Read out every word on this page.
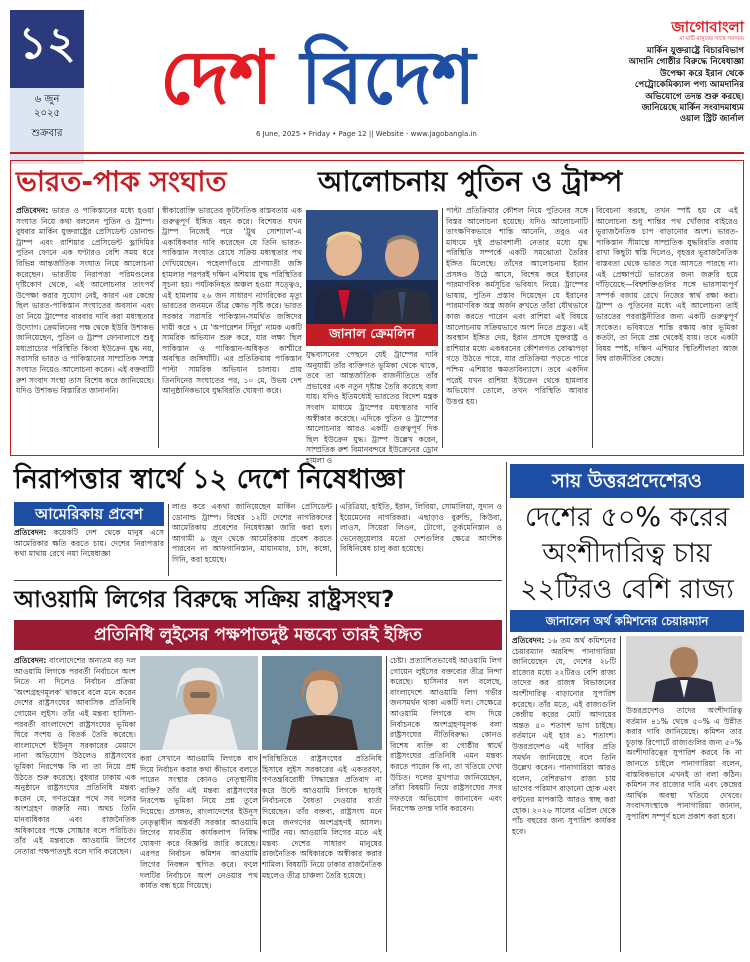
১২
৬ জুন
২০২৫
শুক্রবার
দেশ বিদেশ
6 June, 2025 • Friday • Page 12 || Website - www.jagobangla.in
জাগোবাংলা
মা মাটি মানুষের সাথে সবসময়
মার্কিন যুক্তরাষ্ট্রে বিচারবিভাগ
আদানি গোষ্ঠীর বিরুদ্ধে নিষেধাজ্ঞা
উপেক্ষা করে ইরান থেকে
পেট্রোকেমিক্যাল পণ্য আমদানির
অভিযোগে তদন্ত শুরু করছে।
জানিয়েছে মার্কিন সংবাদমাধ্যম
ওয়াল স্ট্রিট জার্নাল
ভারত-পাক সংঘাত	আলোচনায় পুতিন ও ট্রাম্প
প্রতিবেদন: ভারত ও পাকিস্তানের মধ্যে হওয়া সংঘাত নিয়ে কথা বললেন পুতিন ও ট্রাম্প। বুধবার মার্কিন যুক্তরাষ্ট্রের প্রেসিডেন্ট ডোনাল্ড ট্রাম্প এবং রাশিয়ার প্রেসিডেন্ট ভ্লাদিমির পুতিন ফোনে এক ঘণ্টারও বেশি সময় ধরে বিভিন্ন আন্তর্জাতিক সংঘাত নিয়ে আলোচনা করেছেন। ভারতীয় নিরাপত্তা পরিমণ্ডলের দৃষ্টিকোণ থেকে, এই আলোচনার তাৎপর্য উপেক্ষা করার সুযোগ নেই, কারণ এর কেন্দ্রে ছিল ভারত-পাকিস্তান সংঘাতের অবসান এবং তা নিয়ে ট্রাম্পের বারবার দাবি করা মধ্যস্থতার উদ্যোগ। ক্রেমলিনের পক্ষ থেকে ইউরি উশাকভ জানিয়েছেন, পুতিন ও ট্রাম্প ফোনালাপে শুধু মধ্যপ্রাচ্যের পরিস্থিতি কিংবা ইউক্রেন যুদ্ধ নয়, সরাসরি ভারত ও পাকিস্তানের সাম্প্রতিক সশস্ত্র সংঘাত নিয়েও আলোচনা করেন। এই বক্তব্যটি রুশ সংবাদ সংস্থা তাস বিশেষ করে জানিয়েছে। যদিও উশাকভ বিস্তারিত জানাননি।
স্বীকারোক্তি ভারতের কূটনৈতিক বাস্তবতায় এক গুরুত্বপূর্ণ ইঙ্গিত বহন করে। বিশেষত যখন ট্রাম্প নিজেই পরে 'ট্রুথ সোশ্যাল'-এ একাধিকবার দাবি করেছেন যে তিনি ভারত-পাকিস্তান সংঘাত রোধে সক্রিয় মধ্যস্থতার পথ দেখিয়েছেন। পহেলগাঁওয়ে প্রাণঘাতী জঙ্গি হামলার পরপরই দক্ষিণ এশিয়ায় যুদ্ধ পরিস্থিতির সূচনা হয়। পর্যটকনিহত অঞ্চল হওয়া সত্ত্বেও, এই হামলায় ২৬ জন সাধারণ নাগরিকের মৃত্যু ভারতের জনমনে তীব্র ক্ষোভ সৃষ্টি করে। ভারত সরকার সরাসরি পাকিস্তান-সমর্থিত জঙ্গিদের দায়ী করে ৭ মে 'অপারেশন সিঁদুর' নামক একটি সামরিক অভিযান শুরু করে, যার লক্ষ্য ছিল পাকিস্তান ও পাকিস্তান-অধিকৃত কাশ্মীরে অবস্থিত জঙ্গিঘাঁটি। এর প্রতিক্রিয়ায় পাকিস্তান পাল্টা সামরিক অভিযান চালায়। প্রায় তিনদিনের সংঘাতের পর, ১০ মে, উভয় দেশ আনুষ্ঠানিকভাবে যুদ্ধবিরতি ঘোষণা করে।
জানাল ক্রেমলিন
যুদ্ধবাসনের পেছনে যেই ট্রাম্পের দাবি অনুযায়ী তাঁর ব্যক্তিগত ভূমিকা থেকে থাকে, তবে তা আন্তর্জাতিক রাজনীতিতে তাঁর প্রভাবের এক নতুন দৃষ্টান্ত তৈরি করেছে বলা যায়। যদিও ইতিমধ্যেই ভারতের বিদেশ মন্ত্রক সংবাদ মাধ্যমে ট্রাম্পের মধ্যস্থতার দাবি অস্বীকার করেছে। এদিকে পুতিন ও ট্রাম্পের আলোচনার আরও একটি গুরুত্বপূর্ণ দিক ছিল ইউক্রেন যুদ্ধ। ট্রাম্প উল্লেখ করেন, সাম্প্রতিক রুশ বিমানবন্দরে ইউক্রেনের ড্রোন হামলা ও
পাল্টা প্রতিক্রিয়ার কৌশল নিয়ে পুতিনের সঙ্গে বিস্তর আলোচনা হয়েছে। যদিও আলোচনাটি তাৎক্ষণিকভাবে শান্তি আনেনি, তবুও এর মাধ্যমে দুই প্রভাবশালী নেতার মধ্যে যুদ্ধ পরিস্থিতি সম্পর্কে একটি সমঝোতা তৈরির ইঙ্গিত মিলেছে। তাঁদের আলোচনায় ইরান প্রসঙ্গও উঠে আসে, বিশেষ করে ইরানের পারমাণবিক কর্মসূচির ভবিষ্যৎ নিয়ে। ট্রাম্পের ভাষায়, পুতিন প্রস্তাব দিয়েছেন যে ইরানের পারমাণবিক অস্ত্র অর্জন রুখতে তাঁরা যৌথভাবে কাজ করতে পারেন এবং রাশিয়া এই বিষয়ে আলোচনায় সক্রিয়ভাবে অংশ নিতে প্রস্তুত। এই অবস্থান ইঙ্গিত দেয়, ইরান প্রসঙ্গে যুক্তরাষ্ট্র ও রাশিয়ার মধ্যে একধরনের কৌশলগত বোঝাপড়া গড়ে উঠতে পারে, যার প্রতিক্রিয়া পড়তে পারে পশ্চিম এশিয়ার ক্ষমতাবিন্যাসে। তবে একদিন পরেই যখন রাশিয়া ইউক্রেন থেকে হামলার অভিযোগ তোলে, তখন পরিস্থিতি আবার উত্তপ্ত হয়।
বিবেচনা করছে, তখন স্পষ্ট হয় যে এই আলোচনা শুধু শান্তির পথ খোঁজার বাইরেও ভূরাজনৈতিক চাপ বাড়ানোর অংশ। ভারত-পাকিস্তান সীমান্তে সাম্প্রতিক যুদ্ধবিরতি বজায় রাখা কিছুটা স্বস্তি দিলেও, বৃহত্তর ভূরাজনৈতিক বাস্তবতা থেকে ভারত সরে আসতে পারছে না। এই প্রেক্ষাপটে ভারতের জন্য জরুরি হয়ে দাঁড়িয়েছে—বিশ্বশক্তিগুলির সঙ্গে ভারসাম্যপূর্ণ সম্পর্ক বজায় রেখে নিজের স্বার্থ রক্ষা করা। ট্রাম্প ও পুতিনের মধ্যে এই আলোচনা তাই ভারতের পররাষ্ট্রনীতির জন্য একটি গুরুত্বপূর্ণ সংকেত। ভবিষ্যতে শান্তি রক্ষায় কার ভূমিকা কতটা, তা নিয়ে প্রশ্ন থেকেই যায়। তবে একটা বিষয় স্পষ্ট, দক্ষিণ এশিয়ার স্থিতিশীলতা আজ বিশ্ব রাজনীতির কেন্দ্রে।
নিরাপত্তার স্বার্থে ১২ দেশে নিষেধাজ্ঞা
আমেরিকায় প্রবেশ
প্রতিবেদন: কয়েকটি দেশ থেকে মানুষ এসে আমেরিকার ক্ষতি করতে চায়। দেশের নিরাপত্তার কথা মাথায় রেখে নয়া নিষেধাজ্ঞা
লাগু করে একথা জানিয়েছেন মার্কিন প্রেসিডেন্ট ডোনাল্ড ট্রাম্প। বিশ্বের ১২টি দেশের নাগরিকদের আমেরিকায় প্রবেশের নিষেধাজ্ঞা জারি করা হল। আগামী ৯ জুন থেকে আমেরিকায় প্রবেশ করতে পারবেন না আফগানিস্তান, মায়ানমার, চাদ, কঙ্গো, গিনি, করা হয়েছে।
এরিত্রিয়া, হাইতি, ইরান, লিবিয়া, সোমালিয়া, সুদান ও ইয়েমেনের নাগরিকরা। এছাড়াও বুরুন্ডি, কিউবা, লাওস, সিয়েরা লিওন, টোগো, তুর্কমেনিস্তান ও ভেনেজুয়েলার মতো দেশগুলির ক্ষেত্রে আংশিক বিধিনিষেধ চালু করা হয়েছে।
সায় উত্তরপ্রদেশেরও
দেশের ৫০% করের
অংশীদারিত্ব চায়
২২টিরও বেশি রাজ্য
জানালেন অর্থ কমিশনের চেয়ারম্যান
প্রতিবেদন: ১৬ তম অর্থ কমিশনের চেয়ারম্যান অরবিন্দ পানাগারিয়া জানিয়েছেন যে, দেশের ২৮টি রাজ্যের মধ্যে ২২টিরও বেশি রাজ্য তাদের কর রাজস্ব বিভাজনের অংশীদারিত্ব বাড়ানোর সুপারিশ করেছে। তাঁর মতে, এই রাজ্যগুলি কেন্দ্রীয় করের মোট আদায়ের অন্তত ৫০ শতাংশ ভাগ চাইছে। বর্তমানে এই হার ৪১ শতাংশ। উত্তরপ্রদেশও এই দাবির প্রতি সমর্থন জানিয়েছে বলে তিনি উল্লেখ করেন। পানাগারিয়া আরও বলেন, বেশিরভাগ রাজ্য চায় ভাগের পরিমাণ বাড়ানো হোক এবং বণ্টনের মাপকাঠি আরও স্বচ্ছ করা হোক। ২০২৬ সালের এপ্রিল থেকে পাঁচ বছরের জন্য সুপারিশ কার্যকর হবে।
উত্তরপ্রদেশও তাদের অংশীদারিত্ব বর্তমান ৪১% থেকে ৫০% এ উন্নীত করার দাবি জানিয়েছে। কমিশন তার চূড়ান্ত রিপোর্টে রাজ্যগুলির জন্য ৫০% অংশীদারিত্বের সুপারিশ করবে কি না জানতে চাইলে পানাগারিয়া বলেন, বাস্তবিকভাবে এখনই তা বলা কঠিন। কমিশন সব রাজ্যের দাবি এবং কেন্দ্রের আর্থিক অবস্থা খতিয়ে দেখবে। সংবাদসংস্থাকে পানাগারিয়া জানান, সুপারিশ সম্পূর্ণ হলে প্রকাশ করা হবে।
আওয়ামি লিগের বিরুদ্ধে সক্রিয় রাষ্ট্রসংঘ?
প্রতিনিধি লুইসের পক্ষপাতদুষ্ট মন্তব্যে তারই ইঙ্গিত
প্রতিবেদন: বাংলাদেশের অন্যতম বড় দল আওয়ামি লিগকে পরবর্তী নির্বাচনে অংশ নিতে না দিলেও নির্বাচন প্রক্রিয়া 'অংশগ্রহণমূলক' থাকবে বলে মনে করেন দেশের রাষ্ট্রসংঘের আবাসিক প্রতিনিধি গোয়েন লুইস। তাঁর এই মন্তব্য হাসিনা-পরবর্তী বাংলাদেশে রাষ্ট্রসংঘের ভূমিকা ঘিরে সংশয় ও বিতর্ক তৈরি করেছে। বাংলাদেশে ইউনূস সরকারের মেয়াদে নানা অভিযোগ উঠলেও রাষ্ট্রসংঘের ভূমিকা নিরপেক্ষ কি না তা নিয়ে প্রশ্ন উঠতে শুরু করেছে। বুধবার ঢাকায় এক অনুষ্ঠানে রাষ্ট্রসংঘের প্রতিনিধি মন্তব্য করেন যে, গণতন্ত্রের পথে সব দলের অংশগ্রহণ জরুরি নয়। অথচ তিনি মানবাধিকার এবং রাজনৈতিক অধিকারের পক্ষে সোচ্চার বলে পরিচিত। তাঁর এই মন্তব্যকে আওয়ামি লিগের নেতারা পক্ষপাতদুষ্ট বলে দাবি করেছেন।
করা সেখানে আওয়ামি লিগকে বাদ দিয়ে নির্বাচন করার কথা কীভাবে বলতে পারেন সংস্থার কোনও নেতৃস্থানীয় ব্যক্তি? তাঁর এই মন্তব্য রাষ্ট্রসংঘের নিরপেক্ষ ভূমিকা নিয়ে প্রশ্ন তুলে দিয়েছে। প্রসঙ্গত, বাংলাদেশের ইউনূস নেতৃত্বাধীন অন্তর্বর্তী সরকার আওয়ামি লিগের যাবতীয় কার্যকলাপ নিষিদ্ধ ঘোষণা করে বিজ্ঞপ্তি জারি করেছে। এরপর নির্বাচন কমিশন আওয়ামি লিগের নিবন্ধন স্থগিত করে। ফলে দলটির নির্বাচনে অংশ নেওয়ার পথ কার্যত বন্ধ হয়ে গিয়েছে।
পরিস্থিতিতে রাষ্ট্রসংঘের প্রতিনিধি হিসাবে লুইস সরকারের এই একতরফা, গণতন্ত্রবিরোধী সিদ্ধান্তের প্রতিবাদ না করে উল্টে আওয়ামি লিগকে ছাড়াই নির্বাচনকে বৈধতা দেওয়ার বার্তা দিয়েছেন। তাঁর বক্তব্য, রাষ্ট্রসংঘ মনে করে জনগণের অংশগ্রহণই আসল। পার্টির নয়। আওয়ামি লিগের মতে এই মন্তব্য দেশের সাধারণ মানুষের রাজনৈতিক অধিকারকে অস্বীকার করার শামিল। বিষয়টি নিয়ে ঢাকার রাজনৈতিক মহলেও তীব্র চাঞ্চল্য তৈরি হয়েছে।
চেষ্টা। প্রত্যাশিতভাবেই আওয়ামি লিগ গোয়েন লুইসের বক্তব্যের তীব্র নিন্দা করেছে। হাসিনার দল বলেছে, বাংলাদেশে আওয়ামি লিগ গভীর জনসমর্থন থাকা একটি দল। সেক্ষেত্রে আওয়ামি লিগকে বাদ দিয়ে নির্বাচনকে অংশগ্রহণমূলক বলা রাষ্ট্রসংঘের নীতিবিরুদ্ধ। কোনও বিশেষ ব্যক্তি বা গোষ্ঠীর স্বার্থে রাষ্ট্রসংঘের প্রতিনিধি এমন মন্তব্য করতে পারেন কি না, তা খতিয়ে দেখা উচিত। দলের মুখপাত্র জানিয়েছেন, তাঁরা বিষয়টি নিয়ে রাষ্ট্রসংঘের সদর দফতরে অভিযোগ জানাবেন এবং নিরপেক্ষ তদন্ত দাবি করবেন।
